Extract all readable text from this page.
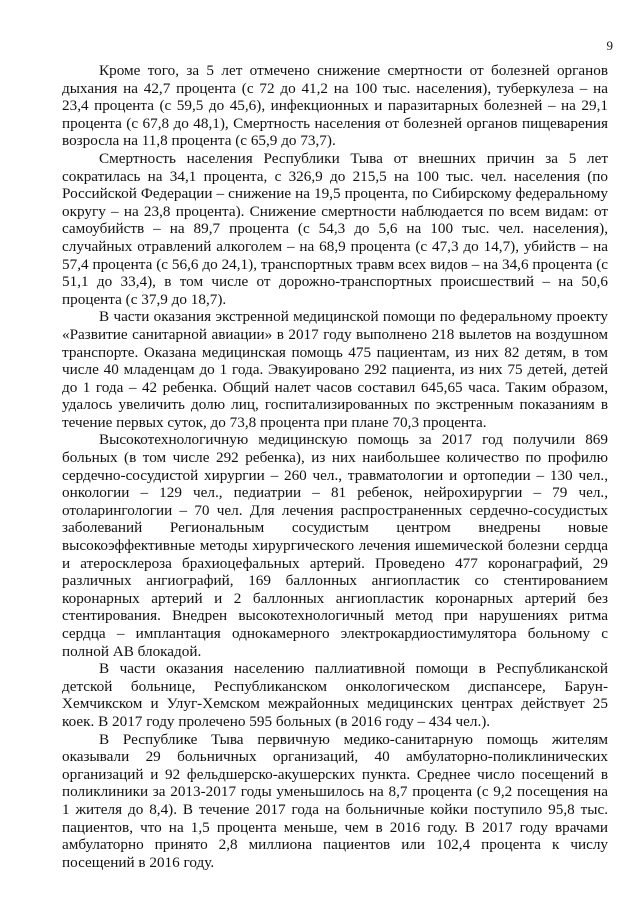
9

Кроме того, за 5 лет отмечено снижение смертности от болезней органов дыхания на 42,7 процента (с 72 до 41,2 на 100 тыс. населения), туберкулеза – на 23,4 процента (с 59,5 до 45,6), инфекционных и паразитарных болезней – на 29,1 процента (с 67,8 до 48,1), Смертность населения от болезней органов пищеварения возросла на 11,8 процента (с 65,9 до 73,7).

Смертность населения Республики Тыва от внешних причин за 5 лет сократилась на 34,1 процента, с 326,9 до 215,5 на 100 тыс. чел. населения (по Российской Федерации – снижение на 19,5 процента, по Сибирскому федеральному округу – на 23,8 процента). Снижение смертности наблюдается по всем видам: от самоубийств – на 89,7 процента (с 54,3 до 5,6 на 100 тыс. чел. населения), случайных отравлений алкоголем – на 68,9 процента (с 47,3 до 14,7), убийств – на 57,4 процента (с 56,6 до 24,1), транспортных травм всех видов – на 34,6 процента (с 51,1 до 33,4), в том числе от дорожно-транспортных происшествий – на 50,6 процента (с 37,9 до 18,7).

В части оказания экстренной медицинской помощи по федеральному проекту «Развитие санитарной авиации» в 2017 году выполнено 218 вылетов на воздушном транспорте. Оказана медицинская помощь 475 пациентам, из них 82 детям, в том числе 40 младенцам до 1 года. Эвакуировано 292 пациента, из них 75 детей, детей до 1 года – 42 ребенка. Общий налет часов составил 645,65 часа. Таким образом, удалось увеличить долю лиц, госпитализированных по экстренным показаниям в течение первых суток, до 73,8 процента при плане 70,3 процента.

Высокотехнологичную медицинскую помощь за 2017 год получили 869 больных (в том числе 292 ребенка), из них наибольшее количество по профилю сердечно-сосудистой хирургии – 260 чел., травматологии и ортопедии – 130 чел., онкологии – 129 чел., педиатрии – 81 ребенок, нейрохирургии – 79 чел., отоларингологии – 70 чел. Для лечения распространенных сердечно-сосудистых заболеваний Региональным сосудистым центром внедрены новые высокоэффективные методы хирургического лечения ишемической болезни сердца и атеросклероза брахиоцефальных артерий. Проведено 477 коронаграфий, 29 различных ангиографий, 169 баллонных ангиопластик со стентированием коронарных артерий и 2 баллонных ангиопластик коронарных артерий без стентирования. Внедрен высокотехнологичный метод при нарушениях ритма сердца – имплантация однокамерного электрокардиостимулятора больному с полной АВ блокадой.

В части оказания населению паллиативной помощи в Республиканской детской больнице, Республиканском онкологическом диспансере, Барун-Хемчикском и Улуг-Хемском межрайонных медицинских центрах действует 25 коек. В 2017 году пролечено 595 больных (в 2016 году – 434 чел.).

В Республике Тыва первичную медико-санитарную помощь жителям оказывали 29 больничных организаций, 40 амбулаторно-поликлинических организаций и 92 фельдшерско-акушерских пункта. Среднее число посещений в поликлиники за 2013-2017 годы уменьшилось на 8,7 процента (с 9,2 посещения на 1 жителя до 8,4). В течение 2017 года на больничные койки поступило 95,8 тыс. пациентов, что на 1,5 процента меньше, чем в 2016 году. В 2017 году врачами амбулаторно принято 2,8 миллиона пациентов или 102,4 процента к числу посещений в 2016 году.
